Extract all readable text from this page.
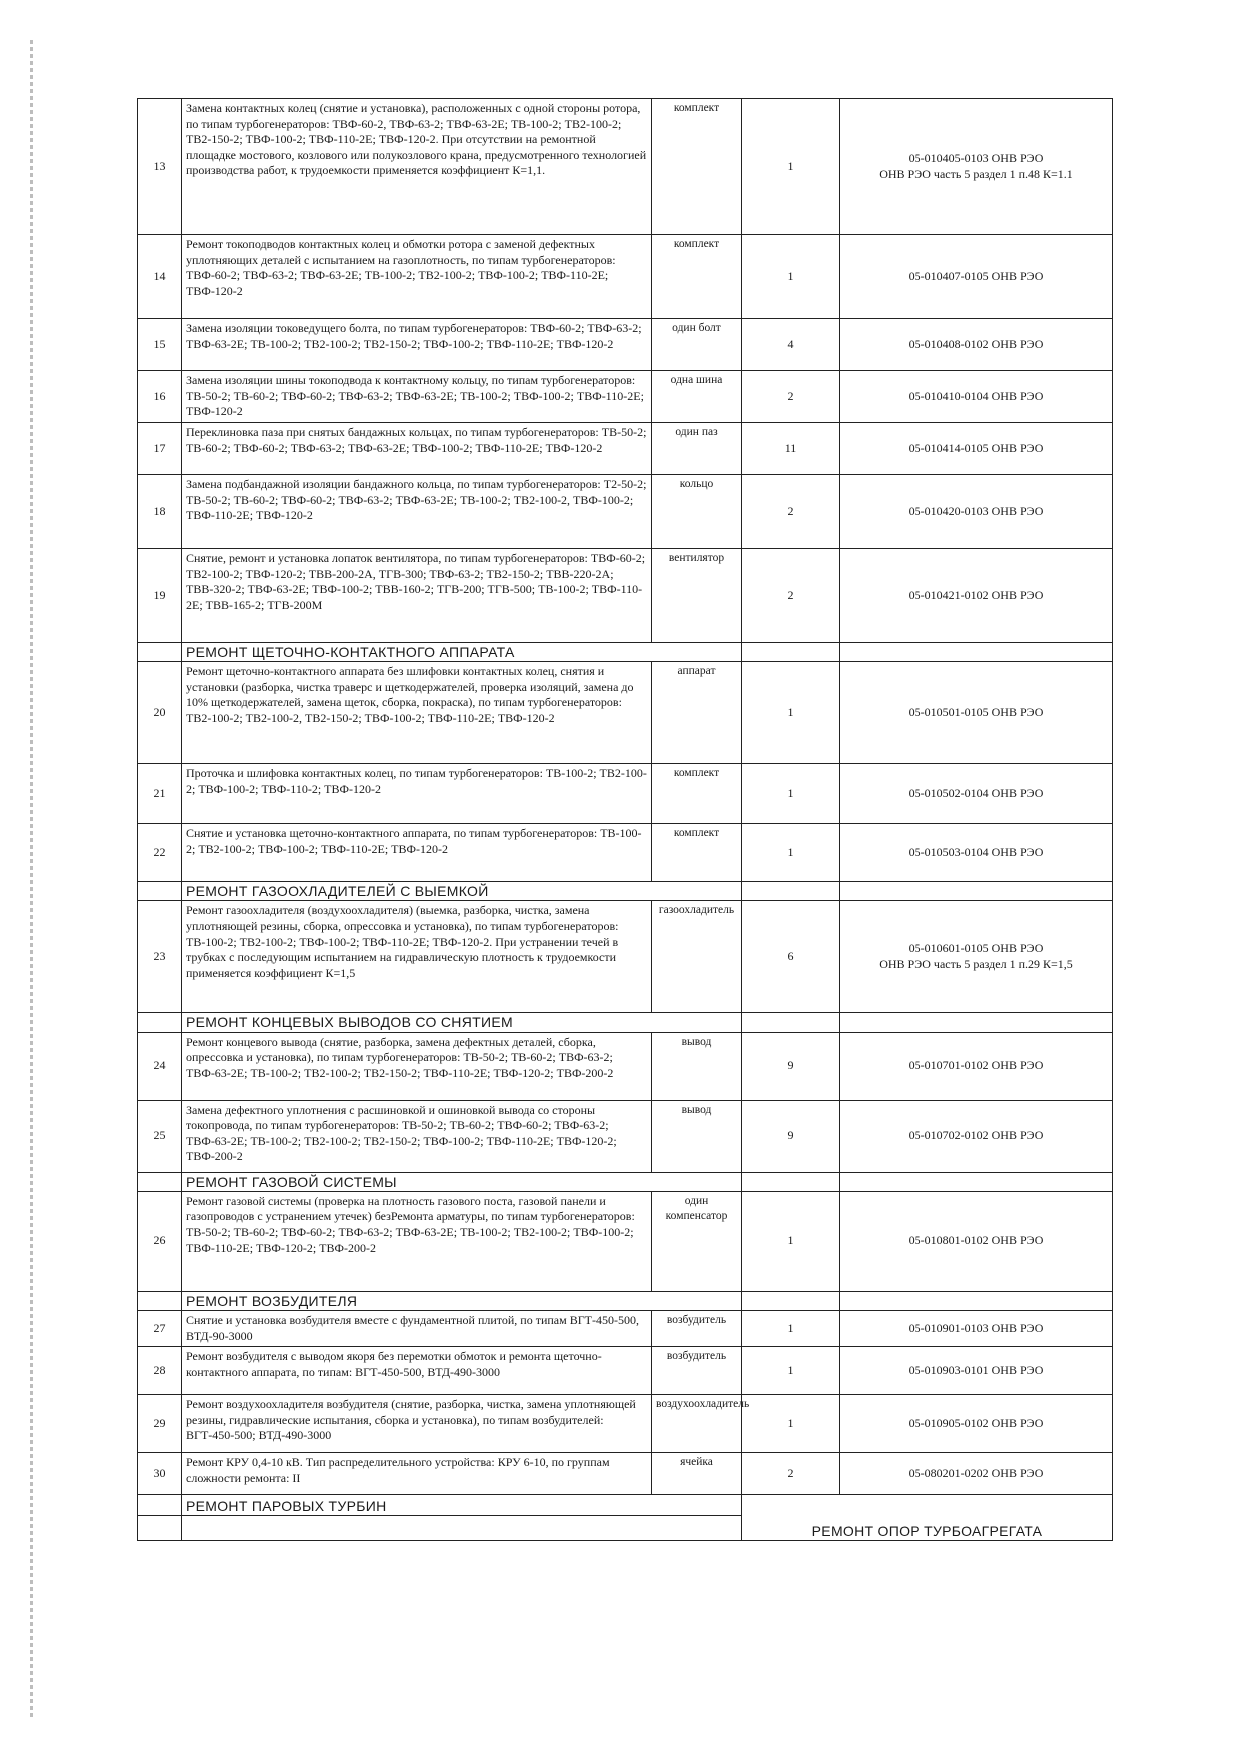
13	Замена контактных колец (снятие и установка), расположенных с одной стороны ротора, по типам турбогенераторов: ТВФ-60-2, ТВФ-63-2; ТВФ-63-2Е; ТВ-100-2; ТВ2-100-2; ТВ2-150-2; ТВФ-100-2; ТВФ-110-2Е; ТВФ-120-2. При отсутствии на ремонтной площадке мостового, козлового или полукозлового крана, предусмотренного технологией производства работ, к трудоемкости применяется коэффициент К=1,1.	комплект	1	05-010405-0103 ОНВ РЭО
ОНВ РЭО часть 5 раздел 1 п.48 К=1.1

14	Ремонт токоподводов контактных колец и обмотки ротора с заменой дефектных уплотняющих деталей с испытанием на газоплотность, по типам турбогенераторов: ТВФ-60-2; ТВФ-63-2; ТВФ-63-2Е; ТВ-100-2; ТВ2-100-2; ТВФ-100-2; ТВФ-110-2Е; ТВФ-120-2	комплект	1	05-010407-0105 ОНВ РЭО

15	Замена изоляции токоведущего болта, по типам турбогенераторов: ТВФ-60-2; ТВФ-63-2; ТВФ-63-2Е; ТВ-100-2; ТВ2-100-2; ТВ2-150-2; ТВФ-100-2; ТВФ-110-2Е; ТВФ-120-2	один болт	4	05-010408-0102 ОНВ РЭО

16	Замена изоляции шины токоподвода к контактному кольцу, по типам турбогенераторов: ТВ-50-2; ТВ-60-2; ТВФ-60-2; ТВФ-63-2; ТВФ-63-2Е; ТВ-100-2; ТВФ-100-2; ТВФ-110-2Е; ТВФ-120-2	одна шина	2	05-010410-0104 ОНВ РЭО

17	Переклиновка паза при снятых бандажных кольцах, по типам турбогенераторов: ТВ-50-2; ТВ-60-2; ТВФ-60-2; ТВФ-63-2; ТВФ-63-2Е; ТВФ-100-2; ТВФ-110-2Е; ТВФ-120-2	один паз	11	05-010414-0105 ОНВ РЭО

18	Замена подбандажной изоляции бандажного кольца, по типам турбогенераторов: Т2-50-2; ТВ-50-2; ТВ-60-2; ТВФ-60-2; ТВФ-63-2; ТВФ-63-2Е; ТВ-100-2; ТВ2-100-2, ТВФ-100-2; ТВФ-110-2Е; ТВФ-120-2	кольцо	2	05-010420-0103 ОНВ РЭО

19	Снятие, ремонт и установка лопаток вентилятора, по типам турбогенераторов: ТВФ-60-2; ТВ2-100-2; ТВФ-120-2; ТВВ-200-2А, ТГВ-300; ТВФ-63-2; ТВ2-150-2; ТВВ-220-2А; ТВВ-320-2; ТВФ-63-2Е; ТВФ-100-2; ТВВ-160-2; ТГВ-200; ТГВ-500; ТВ-100-2; ТВФ-110-2Е; ТВВ-165-2; ТГВ-200М	вентилятор	2	05-010421-0102 ОНВ РЭО

	РЕМОНТ ЩЕТОЧНО-КОНТАКТНОГО АППАРАТА			
20	Ремонт щеточно-контактного аппарата без шлифовки контактных колец, снятия и установки (разборка, чистка траверс и щеткодержателей, проверка изоляций, замена до 10% щеткодержателей, замена щеток, сборка, покраска), по типам турбогенераторов: ТВ2-100-2; ТВ2-100-2, ТВ2-150-2; ТВФ-100-2; ТВФ-110-2Е; ТВФ-120-2	аппарат	1	05-010501-0105 ОНВ РЭО

21	Проточка и шлифовка контактных колец, по типам турбогенераторов: ТВ-100-2; ТВ2-100-2; ТВФ-100-2; ТВФ-110-2; ТВФ-120-2	комплект	1	05-010502-0104 ОНВ РЭО

22	Снятие и установка щеточно-контактного аппарата, по типам турбогенераторов: ТВ-100-2; ТВ2-100-2; ТВФ-100-2; ТВФ-110-2Е; ТВФ-120-2	комплект	1	05-010503-0104 ОНВ РЭО

	РЕМОНТ ГАЗООХЛАДИТЕЛЕЙ С ВЫЕМКОЙ			
23	Ремонт газоохладителя (воздухоохладителя) (выемка, разборка, чистка, замена уплотняющей резины, сборка, опрессовка и установка), по типам турбогенераторов: ТВ-100-2; ТВ2-100-2; ТВФ-100-2; ТВФ-110-2Е; ТВФ-120-2. При устранении течей в трубках с последующим испытанием на гидравлическую плотность к трудоемкости применяется коэффициент К=1,5	газоохладитель	6	05-010601-0105 ОНВ РЭО
ОНВ РЭО часть 5 раздел 1 п.29 К=1,5

	РЕМОНТ КОНЦЕВЫХ ВЫВОДОВ СО СНЯТИЕМ			
24	Ремонт концевого вывода (снятие, разборка, замена дефектных деталей, сборка, опрессовка и установка), по типам турбогенераторов: ТВ-50-2; ТВ-60-2; ТВФ-63-2; ТВФ-63-2Е; ТВ-100-2; ТВ2-100-2; ТВ2-150-2; ТВФ-110-2Е; ТВФ-120-2; ТВФ-200-2	вывод	9	05-010701-0102 ОНВ РЭО

25	Замена дефектного уплотнения с расшиновкой и ошиновкой вывода со стороны токопровода, по типам турбогенераторов: ТВ-50-2; ТВ-60-2; ТВФ-60-2; ТВФ-63-2; ТВФ-63-2Е; ТВ-100-2; ТВ2-100-2; ТВ2-150-2; ТВФ-100-2; ТВФ-110-2Е; ТВФ-120-2; ТВФ-200-2	вывод	9	05-010702-0102 ОНВ РЭО

	РЕМОНТ ГАЗОВОЙ СИСТЕМЫ			
26	Ремонт газовой системы (проверка на плотность газового поста, газовой панели и газопроводов с устранением утечек) безРемонта арматуры, по типам турбогенераторов: ТВ-50-2; ТВ-60-2; ТВФ-60-2; ТВФ-63-2; ТВФ-63-2Е; ТВ-100-2; ТВ2-100-2; ТВФ-100-2; ТВФ-110-2Е; ТВФ-120-2; ТВФ-200-2	один компенсатор	1	05-010801-0102 ОНВ РЭО

	РЕМОНТ ВОЗБУДИТЕЛЯ			
27	Снятие и установка возбудителя вместе с фундаментной плитой, по типам ВГТ-450-500, ВТД-90-3000	возбудитель	1	05-010901-0103 ОНВ РЭО

28	Ремонт возбудителя с выводом якоря без перемотки обмоток и ремонта щеточно-контактного аппарата, по типам: ВГТ-450-500, ВТД-490-3000	возбудитель	1	05-010903-0101 ОНВ РЭО

29	Ремонт воздухоохладителя возбудителя (снятие, разборка, чистка, замена уплотняющей резины, гидравлические испытания, сборка и установка), по типам возбудителей: ВГТ-450-500; ВТД-490-3000	воздухоохладитель	1	05-010905-0102 ОНВ РЭО

30	Ремонт КРУ 0,4-10 кВ. Тип распределительного устройства: КРУ 6-10, по группам сложности ремонта: II	ячейка	2	05-080201-0202 ОНВ РЭО

	РЕМОНТ ПАРОВЫХ ТУРБИН		РЕМОНТ ОПОР ТУРБОАГРЕГАТА	
